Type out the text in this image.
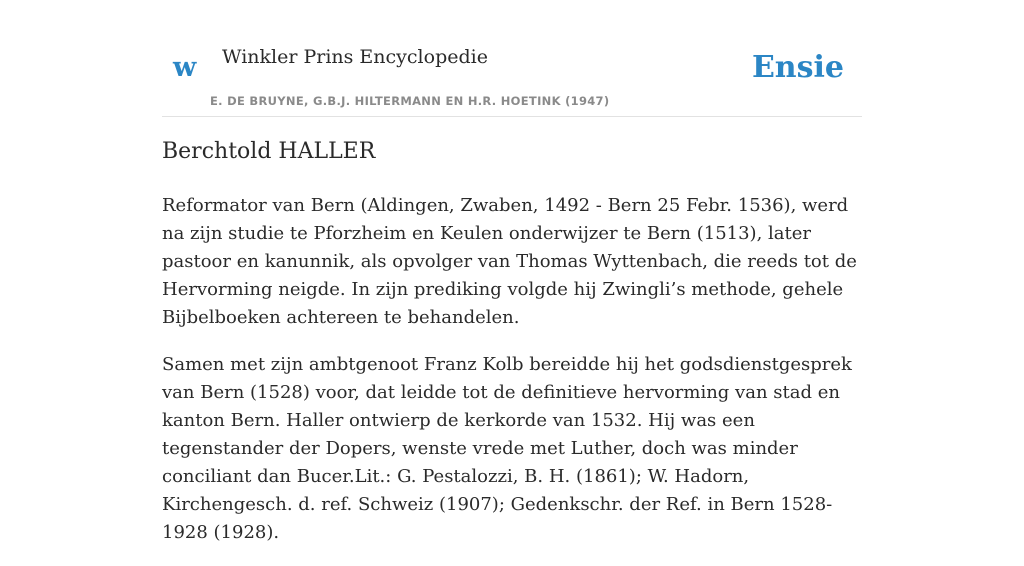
w Winkler Prins Encyclopedie
E. DE BRUYNE, G.B.J. HILTERMANN EN H.R. HOETINK (1947)
Ensie
Berchtold HALLER

Reformator van Bern (Aldingen, Zwaben, 1492 - Bern 25 Febr. 1536), werd na zijn studie te Pforzheim en Keulen onderwijzer te Bern (1513), later pastoor en kanunnik, als opvolger van Thomas Wyttenbach, die reeds tot de Hervorming neigde. In zijn prediking volgde hij Zwingli’s methode, gehele Bijbelboeken achtereen te behandelen.

Samen met zijn ambtgenoot Franz Kolb bereidde hij het godsdienstgesprek van Bern (1528) voor, dat leidde tot de definitieve hervorming van stad en kanton Bern. Haller ontwierp de kerkorde van 1532. Hij was een tegenstander der Dopers, wenste vrede met Luther, doch was minder conciliant dan Bucer.Lit.: G. Pestalozzi, B. H. (1861); W. Hadorn, Kirchengesch. d. ref. Schweiz (1907); Gedenkschr. der Ref. in Bern 1528-1928 (1928).
